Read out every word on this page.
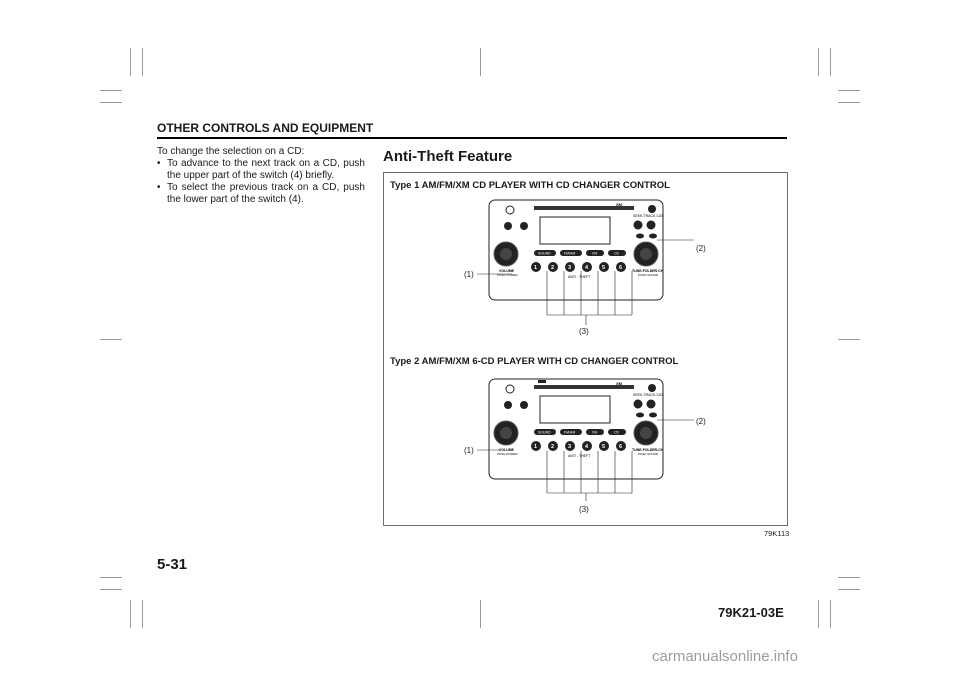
OTHER CONTROLS AND EQUIPMENT

To change the selection on a CD:

• To advance to the next track on a CD, push the upper part of the switch (4) briefly.
• To select the previous track on a CD, push the lower part of the switch (4).
Anti-Theft Feature
Type 1 AM/FM/XM CD PLAYER WITH CD CHANGER CONTROL
XM
SEEK-TRACK-CAT
VOLUME
PUSH POWER
TUNE-FOLDER-CH
PUSH SOUND
SOUND	FM/AM	XM	CD
1	2	3	4	5	6
ANTI - THEFT
(1)
(2)
(3)
Type 2 AM/FM/XM 6-CD PLAYER WITH CD CHANGER CONTROL
XM
SEEK-TRACK-CAT
VOLUME
PUSH POWER
TUNE-FOLDER-CH
PUSH SOUND
SOUND	FM/AM	XM	CD
1	2	3	4	5	6
ANTI - THEFT
(1)
(2)
(3)
79K113
5-31
79K21-03E
carmanualsonline.info
